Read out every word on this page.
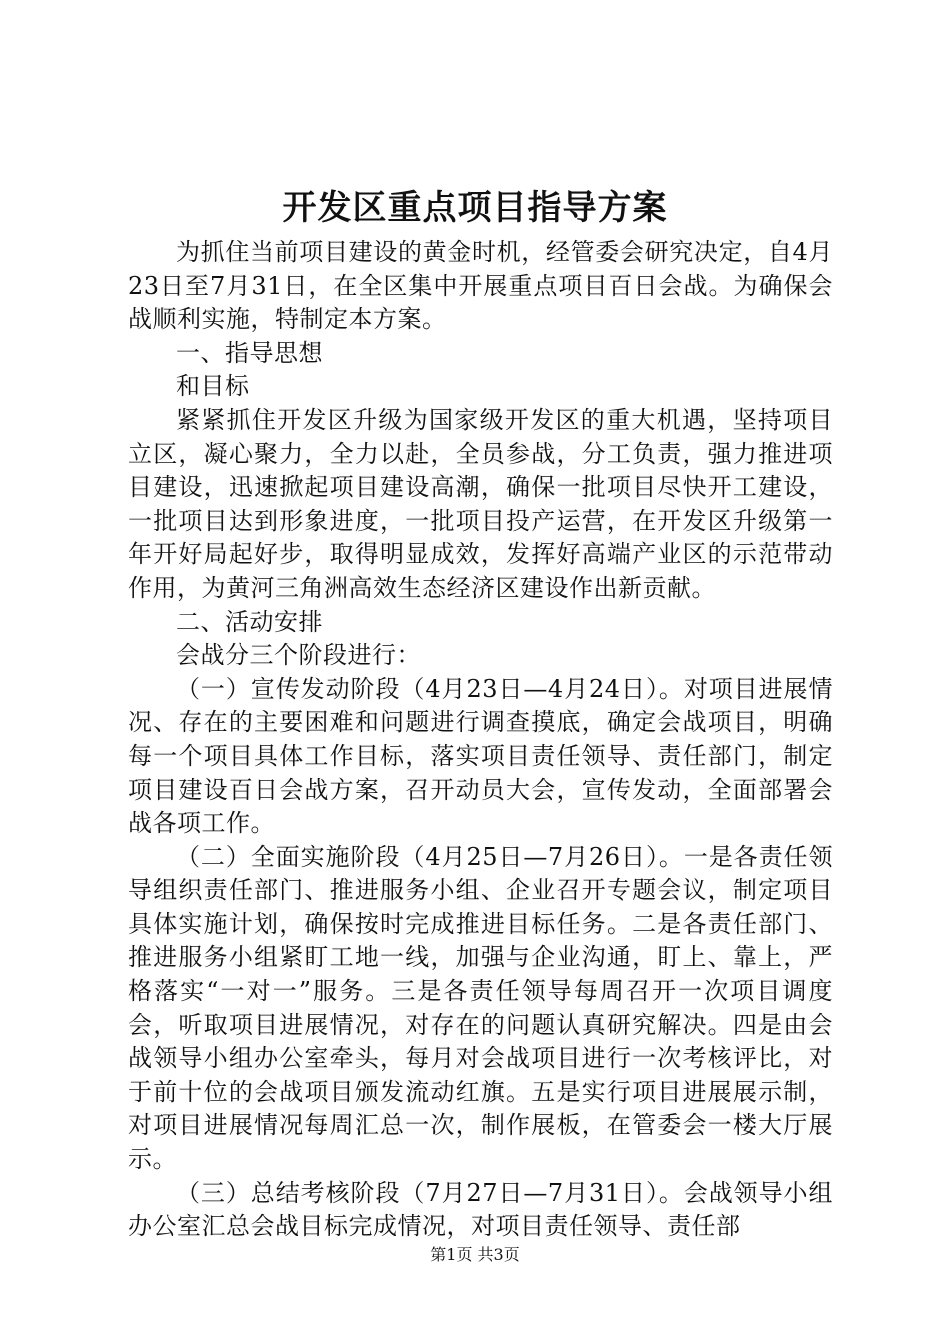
开发区重点项目指导方案

为抓住当前项目建设的黄金时机，经管委会研究决定，自4月23日至7月31日，在全区集中开展重点项目百日会战。为确保会战顺利实施，特制定本方案。

一、指导思想

和目标

紧紧抓住开发区升级为国家级开发区的重大机遇，坚持项目立区，凝心聚力，全力以赴，全员参战，分工负责，强力推进项目建设，迅速掀起项目建设高潮，确保一批项目尽快开工建设，一批项目达到形象进度，一批项目投产运营，在开发区升级第一年开好局起好步，取得明显成效，发挥好高端产业区的示范带动作用，为黄河三角洲高效生态经济区建设作出新贡献。

二、活动安排

会战分三个阶段进行：

（一）宣传发动阶段（4月23日—4月24日）。对项目进展情况、存在的主要困难和问题进行调查摸底，确定会战项目，明确每一个项目具体工作目标，落实项目责任领导、责任部门，制定项目建设百日会战方案，召开动员大会，宣传发动，全面部署会战各项工作。

（二）全面实施阶段（4月25日—7月26日）。一是各责任领导组织责任部门、推进服务小组、企业召开专题会议，制定项目具体实施计划，确保按时完成推进目标任务。二是各责任部门、推进服务小组紧盯工地一线，加强与企业沟通，盯上、靠上，严格落实“一对一”服务。三是各责任领导每周召开一次项目调度会，听取项目进展情况，对存在的问题认真研究解决。四是由会战领导小组办公室牵头，每月对会战项目进行一次考核评比，对于前十位的会战项目颁发流动红旗。五是实行项目进展展示制，对项目进展情况每周汇总一次，制作展板，在管委会一楼大厅展示。

（三）总结考核阶段（7月27日—7月31日）。会战领导小组办公室汇总会战目标完成情况，对项目责任领导、责任部

第1页 共3页
